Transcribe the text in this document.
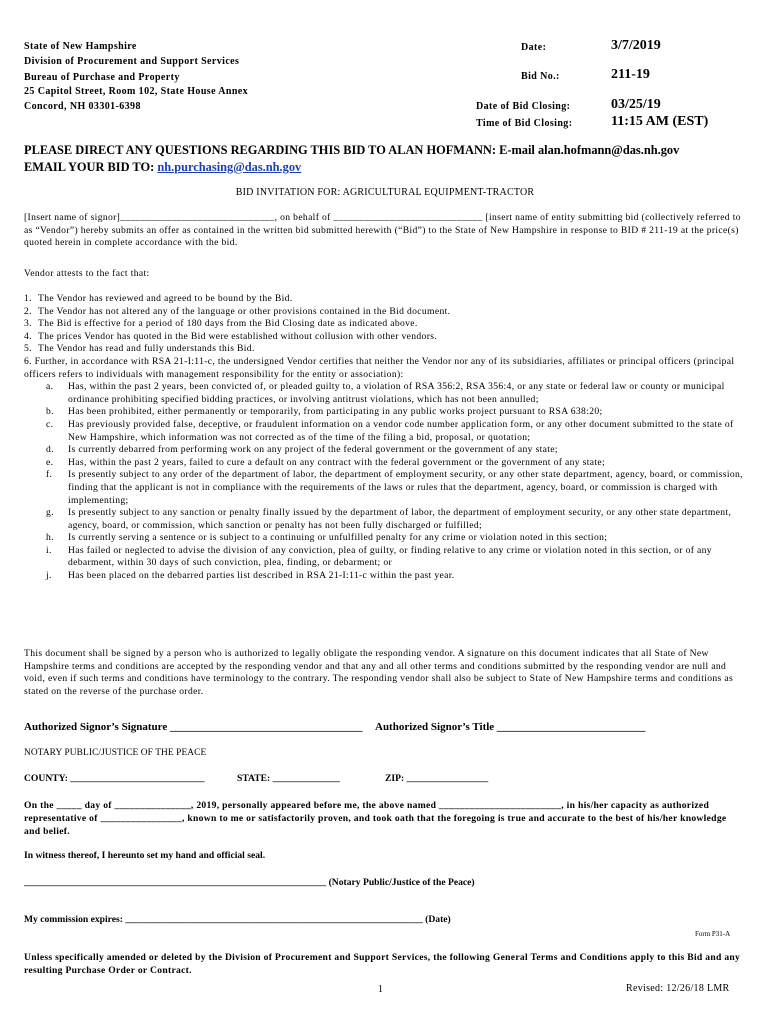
State of New Hampshire
Division of Procurement and Support Services
Bureau of Purchase and Property
25 Capitol Street, Room 102, State House Annex
Concord, NH 03301-6398
Date:	3/7/2019
Bid No.:	211-19
Date of Bid Closing:	03/25/19
Time of Bid Closing:	11:15 AM (EST)
PLEASE DIRECT ANY QUESTIONS REGARDING THIS BID TO ALAN HOFMANN: E-mail alan.hofmann@das.nh.gov
EMAIL YOUR BID TO: nh.purchasing@das.nh.gov
BID INVITATION FOR: AGRICULTURAL EQUIPMENT-TRACTOR
[Insert name of signor]______________________________, on behalf of _____________________________ [insert name of entity submitting bid (collectively referred to as “Vendor”) hereby submits an offer as contained in the written bid submitted herewith (“Bid”) to the State of New Hampshire in response to BID # 211-19 at the price(s) quoted herein in complete accordance with the bid.
Vendor attests to the fact that:
1. The Vendor has reviewed and agreed to be bound by the Bid.
2. The Vendor has not altered any of the language or other provisions contained in the Bid document.
3. The Bid is effective for a period of 180 days from the Bid Closing date as indicated above.
4. The prices Vendor has quoted in the Bid were established without collusion with other vendors.
5. The Vendor has read and fully understands this Bid.
6. Further, in accordance with RSA 21-I:11-c, the undersigned Vendor certifies that neither the Vendor nor any of its subsidiaries, affiliates or principal officers (principal officers refers to individuals with management responsibility for the entity or association):
a. Has, within the past 2 years, been convicted of, or pleaded guilty to, a violation of RSA 356:2, RSA 356:4, or any state or federal law or county or municipal ordinance prohibiting specified bidding practices, or involving antitrust violations, which has not been annulled;
b. Has been prohibited, either permanently or temporarily, from participating in any public works project pursuant to RSA 638:20;
c. Has previously provided false, deceptive, or fraudulent information on a vendor code number application form, or any other document submitted to the state of New Hampshire, which information was not corrected as of the time of the filing a bid, proposal, or quotation;
d. Is currently debarred from performing work on any project of the federal government or the government of any state;
e. Has, within the past 2 years, failed to cure a default on any contract with the federal government or the government of any state;
f. Is presently subject to any order of the department of labor, the department of employment security, or any other state department, agency, board, or commission, finding that the applicant is not in compliance with the requirements of the laws or rules that the department, agency, board, or commission is charged with implementing;
g. Is presently subject to any sanction or penalty finally issued by the department of labor, the department of employment security, or any other state department, agency, board, or commission, which sanction or penalty has not been fully discharged or fulfilled;
h. Is currently serving a sentence or is subject to a continuing or unfulfilled penalty for any crime or violation noted in this section;
i. Has failed or neglected to advise the division of any conviction, plea of guilty, or finding relative to any crime or violation noted in this section, or of any debarment, within 30 days of such conviction, plea, finding, or debarment; or
j. Has been placed on the debarred parties list described in RSA 21-I:11-c within the past year.
This document shall be signed by a person who is authorized to legally obligate the responding vendor. A signature on this document indicates that all State of New Hampshire terms and conditions are accepted by the responding vendor and that any and all other terms and conditions submitted by the responding vendor are null and void, even if such terms and conditions have terminology to the contrary. The responding vendor shall also be subject to State of New Hampshire terms and conditions as stated on the reverse of the purchase order.
Authorized Signor’s Signature ___________________________________ Authorized Signor’s Title ___________________________
NOTARY PUBLIC/JUSTICE OF THE PEACE
COUNTY: ____________________________	STATE: ______________	ZIP: _________________
On the _____ day of _______________, 2019, personally appeared before me, the above named ________________________, in his/her capacity as authorized representative of ________________, known to me or satisfactorily proven, and took oath that the foregoing is true and accurate to the best of his/her knowledge and belief.
In witness thereof, I hereunto set my hand and official seal.
_______________________________________________________________ (Notary Public/Justice of the Peace)
My commission expires: ______________________________________________________________ (Date)
Form P31-A
Unless specifically amended or deleted by the Division of Procurement and Support Services, the following General Terms and Conditions apply to this Bid and any resulting Purchase Order or Contract.
1	Revised: 12/26/18 LMR
